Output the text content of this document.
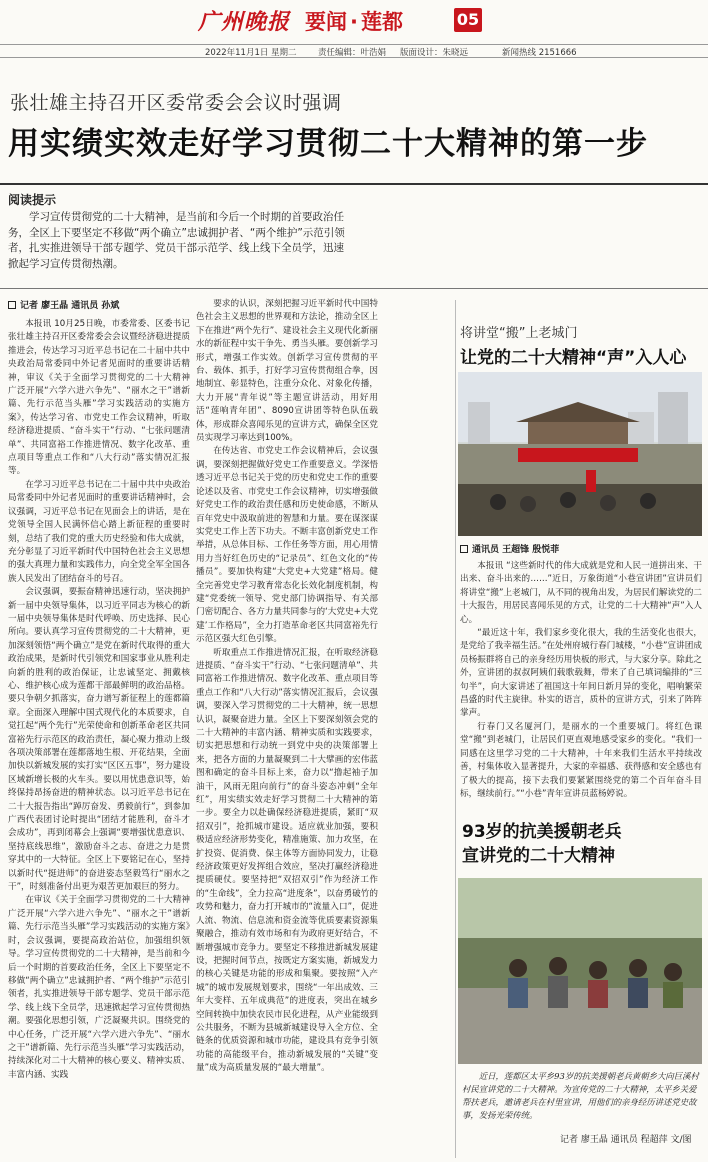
广州晚报 要闻 · 莲都	05
2022年11月1日 星期二	责任编辑：叶浩娟 版面设计：朱晓远	新闻热线 2151666
张壮雄主持召开区委常委会会议时强调
用实绩实效走好学习贯彻二十大精神的第一步
阅读提示
学习宣传贯彻党的二十大精神，是当前和今后一个时期的首要政治任务，全区上下要坚定不移做“两个确立”忠诚拥护者、“两个维护”示范引领者，扎实推进领导干部专题学、党员干部示范学、线上线下全员学，迅速掀起学习宣传贯彻热潮。
记者 廖王晶 通讯员 孙斌

本报讯 10月25日晚，市委常委、区委书记张壮雄主持召开区委常委会会议暨经济稳进提质推进会，传达学习习近平总书记在二十届中共中央政治局常委同中外记者见面时的重要讲话精神，审议《关于全面学习贯彻党的二十大精神 广泛开展“六学六进六争先”、“丽水之干”谱新篇、先行示范当头雁”学习实践活动的实施方案》，传达学习省、市党史工作会议精神，听取经济稳进提质、“奋斗实干”行动、“七张问题清单”、共同富裕工作推进情况、数字化改革、重点项目等重点工作和“八大行动”落实情况汇报等。

在学习习近平总书记在二十届中共中央政治局常委同中外记者见面时的重要讲话精神时，会议强调，习近平总书记在见面会上的讲话，是在党领导全国人民满怀信心踏上新征程的重要时刻，总结了我们党的重大历史经验和伟大成就，充分彰显了习近平新时代中国特色社会主义思想的强大真理力量和实践伟力，向全党全军全国各族人民发出了团结奋斗的号召。

会议强调，要振奋精神迅速行动，坚决拥护新一届中央领导集体，以习近平同志为核心的新一届中央领导集体是时代呼唤、历史选择、民心所向。要认真学习宣传贯彻党的二十大精神，更加深刻领悟“两个确立”是党在新时代取得的重大政治成果，是新时代引领党和国家事业从胜利走向新的胜利的政治保证，让忠诚坚定、拥戴核心、维护核心成为莲都干部最鲜明的政治品格。要只争朝夕抓落实，奋力谱写新征程上的莲都篇章。全面深入理解中国式现代化的本质要求，自觉扛起“两个先行”光荣使命和创新革命老区共同富裕先行示范区的政治责任，凝心聚力推动上级各项决策部署在莲都落地生根、开花结果，全面加快以新城发展的实打实“区区五事”，努力建设区域新增长极的火车头。要以用忧患意识等，始终保持昂扬奋进的精神状态。以习近平总书记在二十大报告指出“踔厉奋发、勇毅前行”，到参加广西代表团讨论时提出“团结才能胜利，奋斗才会成功”，再到闭幕会上强调“要增强忧患意识、坚持底线思维”，激励奋斗之志、奋进之力是贯穿其中的一大特征。全区上下要铭记在心，坚持以新时代“挺进师”的奋进姿态坚毅笃行“丽水之干”，时刻准备付出更为艰苦更加艰巨的努力。

在审议《关于全面学习贯彻党的二十大精神 广泛开展“六学六进六争先”、“丽水之干”谱新篇、先行示范当头雁”学习实践活动的实施方案》时，会议强调，要提高政治站位，加强组织领导。学习宣传贯彻党的二十大精神，是当前和今后一个时期的首要政治任务，全区上下要坚定不移做“两个确立”忠诚拥护者、“两个维护”示范引领者，扎实推进领导干部专题学、党员干部示范学、线上线下全员学，迅速掀起学习宣传贯彻热潮。要强化思想引领，广泛凝聚共识。围绕党的中心任务，广泛开展“六学六进六争先”、“丽水之干”谱新篇、先行示范当头雁”学习实践活动，持续深化对二十大精神的核心要义、精神实质、丰富内涵、实践

要求的认识，深刻把握习近平新时代中国特色社会主义思想的世界观和方法论，推动全区上下在推进“两个先行”、建设社会主义现代化新丽水的新征程中实干争先、勇当头雁。要创新学习形式，增强工作实效。创新学习宣传贯彻的平台、载体、抓手，打好学习宣传贯彻组合拳，因地制宜、彰显特色，注重分众化、对象化传播，大力开展“青年说”等主题宣讲活动，用好用活“莲响青年团”、8090宣讲团等特色队伍载体，形成群众喜闻乐见的宣讲方式，确保全区党员实现学习率达到100%。

在传达省、市党史工作会议精神后，会议强调，要深刻把握做好党史工作重要意义。学深悟透习近平总书记关于党的历史和党史工作的重要论述以及省、市党史工作会议精神，切实增强做好党史工作的政治责任感和历史使命感，不断从百年党史中汲取前进的智慧和力量。要在谋深谋实党史工作上苦下功夫。不断丰富创新党史工作举措，从总体目标、工作任务等方面，用心用情用力当好红色历史的“记录员”、红色文化的“传播员”。要加快构建“大党史+大党建”格局。健全完善党史学习教育常态化长效化制度机制，构建“党委统一领导、党史部门协调指导、有关部门密切配合、各方力量共同参与的‘大党史+大党建’工作格局”，全力打造革命老区共同富裕先行示范区强大红色引擎。

听取重点工作推进情况汇报，在听取经济稳进提质、“奋斗实干”行动、“七张问题清单”、共同富裕工作推进情况、数字化改革、重点项目等重点工作和“八大行动”落实情况汇报后，会议强调，要深入学习贯彻党的二十大精神，统一思想认识，凝聚奋进力量。全区上下要深刻领会党的二十大精神的丰富内涵、精神实质和实践要求，切实把思想和行动统一到党中央的决策部署上来，把各方面的力量凝聚到二十大擘画的宏伟蓝图和确定的奋斗目标上来，奋力以“撸起袖子加油干，风雨无阻向前行”的奋斗姿态冲刺“全年红”，用实绩实效走好学习贯彻二十大精神的第一步。要全力以赴确保经济稳进提质，紧盯“双招双引”，抢抓城市建设。适应就业加强，要积极适应经济形势变化，精准施策、加力攻坚，在扩投资、促消费、保主体等方面协同发力，让稳经济政策更好发挥组合效应，坚决打赢经济稳进提质硬仗。要坚持把“双招双引”作为经济工作的“生命线”，全力拉高“进度条”，以奋勇破竹的攻势和魅力，奋力打开城市的“流量入口”，促进人流、物流、信息流和资金流等优质要素资源集聚融合，推动有效市场和有为政府更好结合，不断增强城市竞争力。要坚定不移推进新城发展建设，把握时间节点，按既定方案实施，新城发力的核心关键是功能的形成和集聚。要按照“入产城”的城市发展规划要求，围绕“一年出成效、三年大变样、五年成典范”的进度表，突出在城乡空间转换中加快农民市民化进程，从产业能级到公共服务，不断为县城新城建设导入全方位、全链条的优质资源和城市功能，建设具有竞争引领功能的高能级平台，推动新城发展的“关键”变量”成为高质量发展的“最大增量”。

将讲堂“搬”上老城门
让党的二十大精神“声”入人心
通讯员 王超锋 殷悦菲

本报讯 “这些新时代的伟大成就是党和人民一道拼出来、干出来、奋斗出来的……”近日，万象街道“小巷宣讲团”宣讲员们将讲堂“搬”上老城门，从不同的视角出发，为居民们解读党的二十大报告，用居民喜闻乐见的方式，让党的二十大精神“声”入人心。

“最近这十年，我们家乡变化很大，我的生活变化也很大，是党给了我幸福生活。”在处州府城行春门城楼，“小巷”宣讲团成员杨振群将自己的亲身经历用快板的形式，与大家分享。除此之外，宣讲团的叔叔阿姨们载歌载舞，带来了自己填词编排的“三句半”，向大家讲述了祖国这十年间日新月异的变化，唱响繁荣昌盛的时代主旋律。朴实的语言，质朴的宣讲方式，引来了阵阵掌声。

行春门又名厦河门，是丽水的一个重要城门。将红色课堂“搬”到老城门，让居民们更直观地感受家乡的变化。“我们一同感在这里学习党的二十大精神，十年来我们生活水平持续改善，村集体收入显著提升，大家的幸福感、获得感和安全感也有了极大的提高，接下去我们要紧紧围绕党的第二个百年奋斗目标，继续前行。”“小巷”青年宣讲员蓝杨婷说。

93岁的抗美援朝老兵
宣讲党的二十大精神
近日，莲都区太平乡93岁的抗美援朝老兵黄朝乡大向巨溪村村民宣讲党的二十大精神。为宣传党的二十大精神，太平乡关爱帮扶老兵，邀请老兵在村里宣讲，用他们的亲身经历讲述党史故事，发扬光荣传统。
记者 廖王晶 通讯员 程超萍 文/图
